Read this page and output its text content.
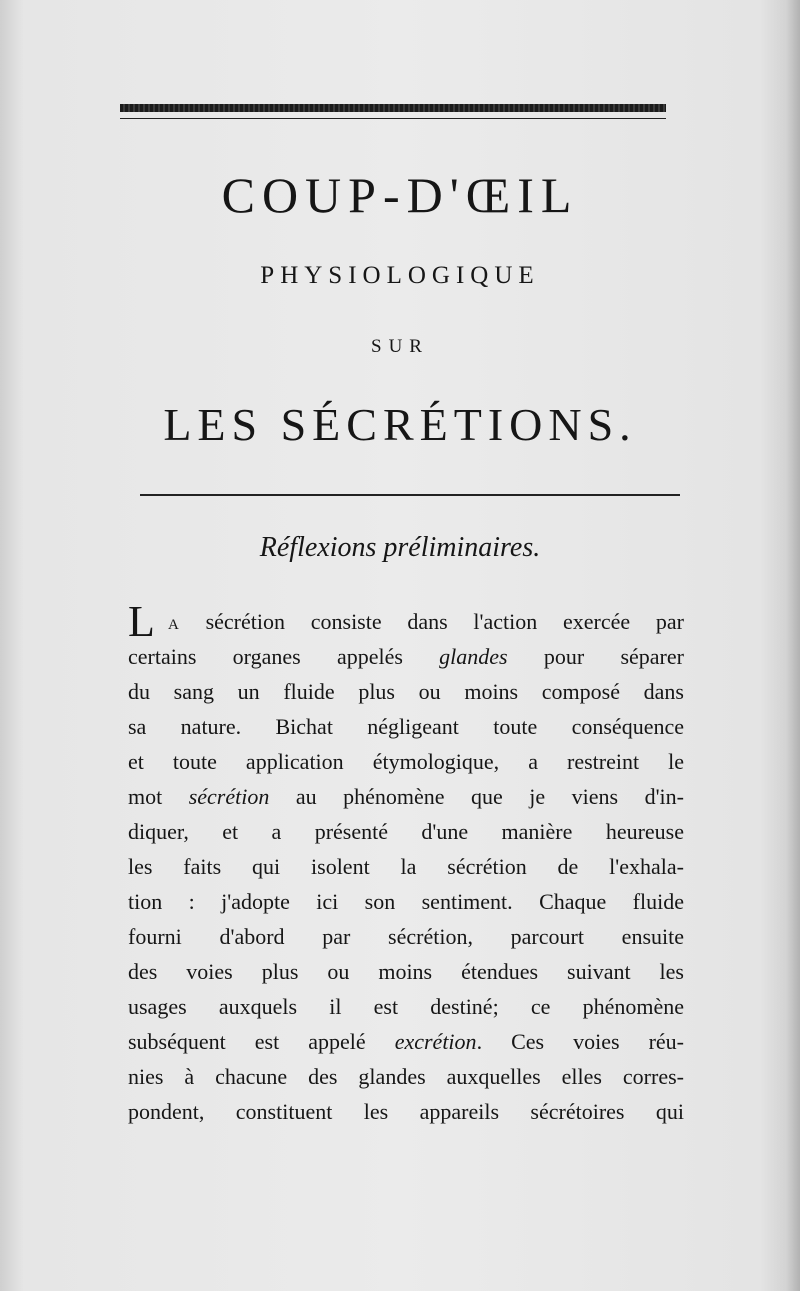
COUP-D'ŒIL
PHYSIOLOGIQUE
SUR
LES SÉCRÉTIONS.
Réflexions préliminaires.
L A sécrétion consiste dans l'action exercée par
certains organes appelés glandes pour séparer
du sang un fluide plus ou moins composé dans
sa nature. Bichat négligeant toute conséquence
et toute application étymologique, a restreint le
mot sécrétion au phénomène que je viens d'in-
diquer, et a présenté d'une manière heureuse
les faits qui isolent la sécrétion de l'exhala-
tion : j'adopte ici son sentiment. Chaque fluide
fourni d'abord par sécrétion, parcourt ensuite
des voies plus ou moins étendues suivant les
usages auxquels il est destiné; ce phénomène
subséquent est appelé excrétion. Ces voies réu-
nies à chacune des glandes auxquelles elles corres-
pondent, constituent les appareils sécrétoires qui
